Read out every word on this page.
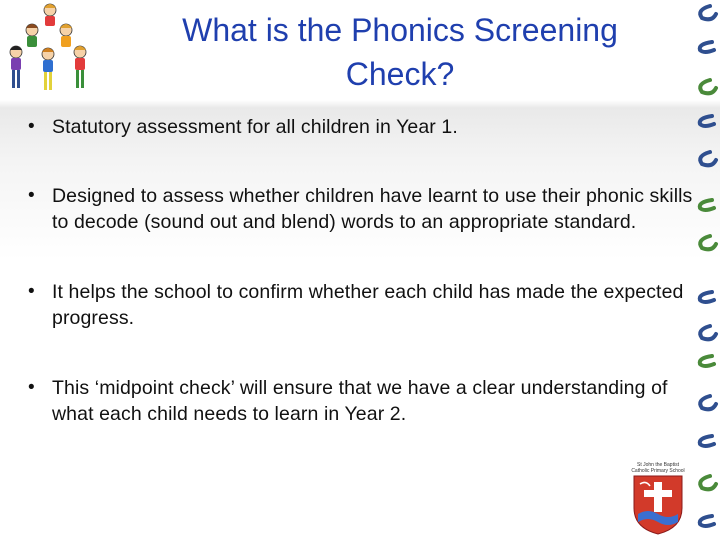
What is the Phonics Screening
Check?
• Statutory assessment for all children in Year 1.
• Designed to assess whether children have learnt to use their phonic skills to decode (sound out and blend) words to an appropriate standard.
• It helps the school to confirm whether each child has made the expected progress.
• This ‘midpoint check’ will ensure that we have a clear understanding of what each child needs to learn in Year 2.
St John the Baptist Catholic Primary School
